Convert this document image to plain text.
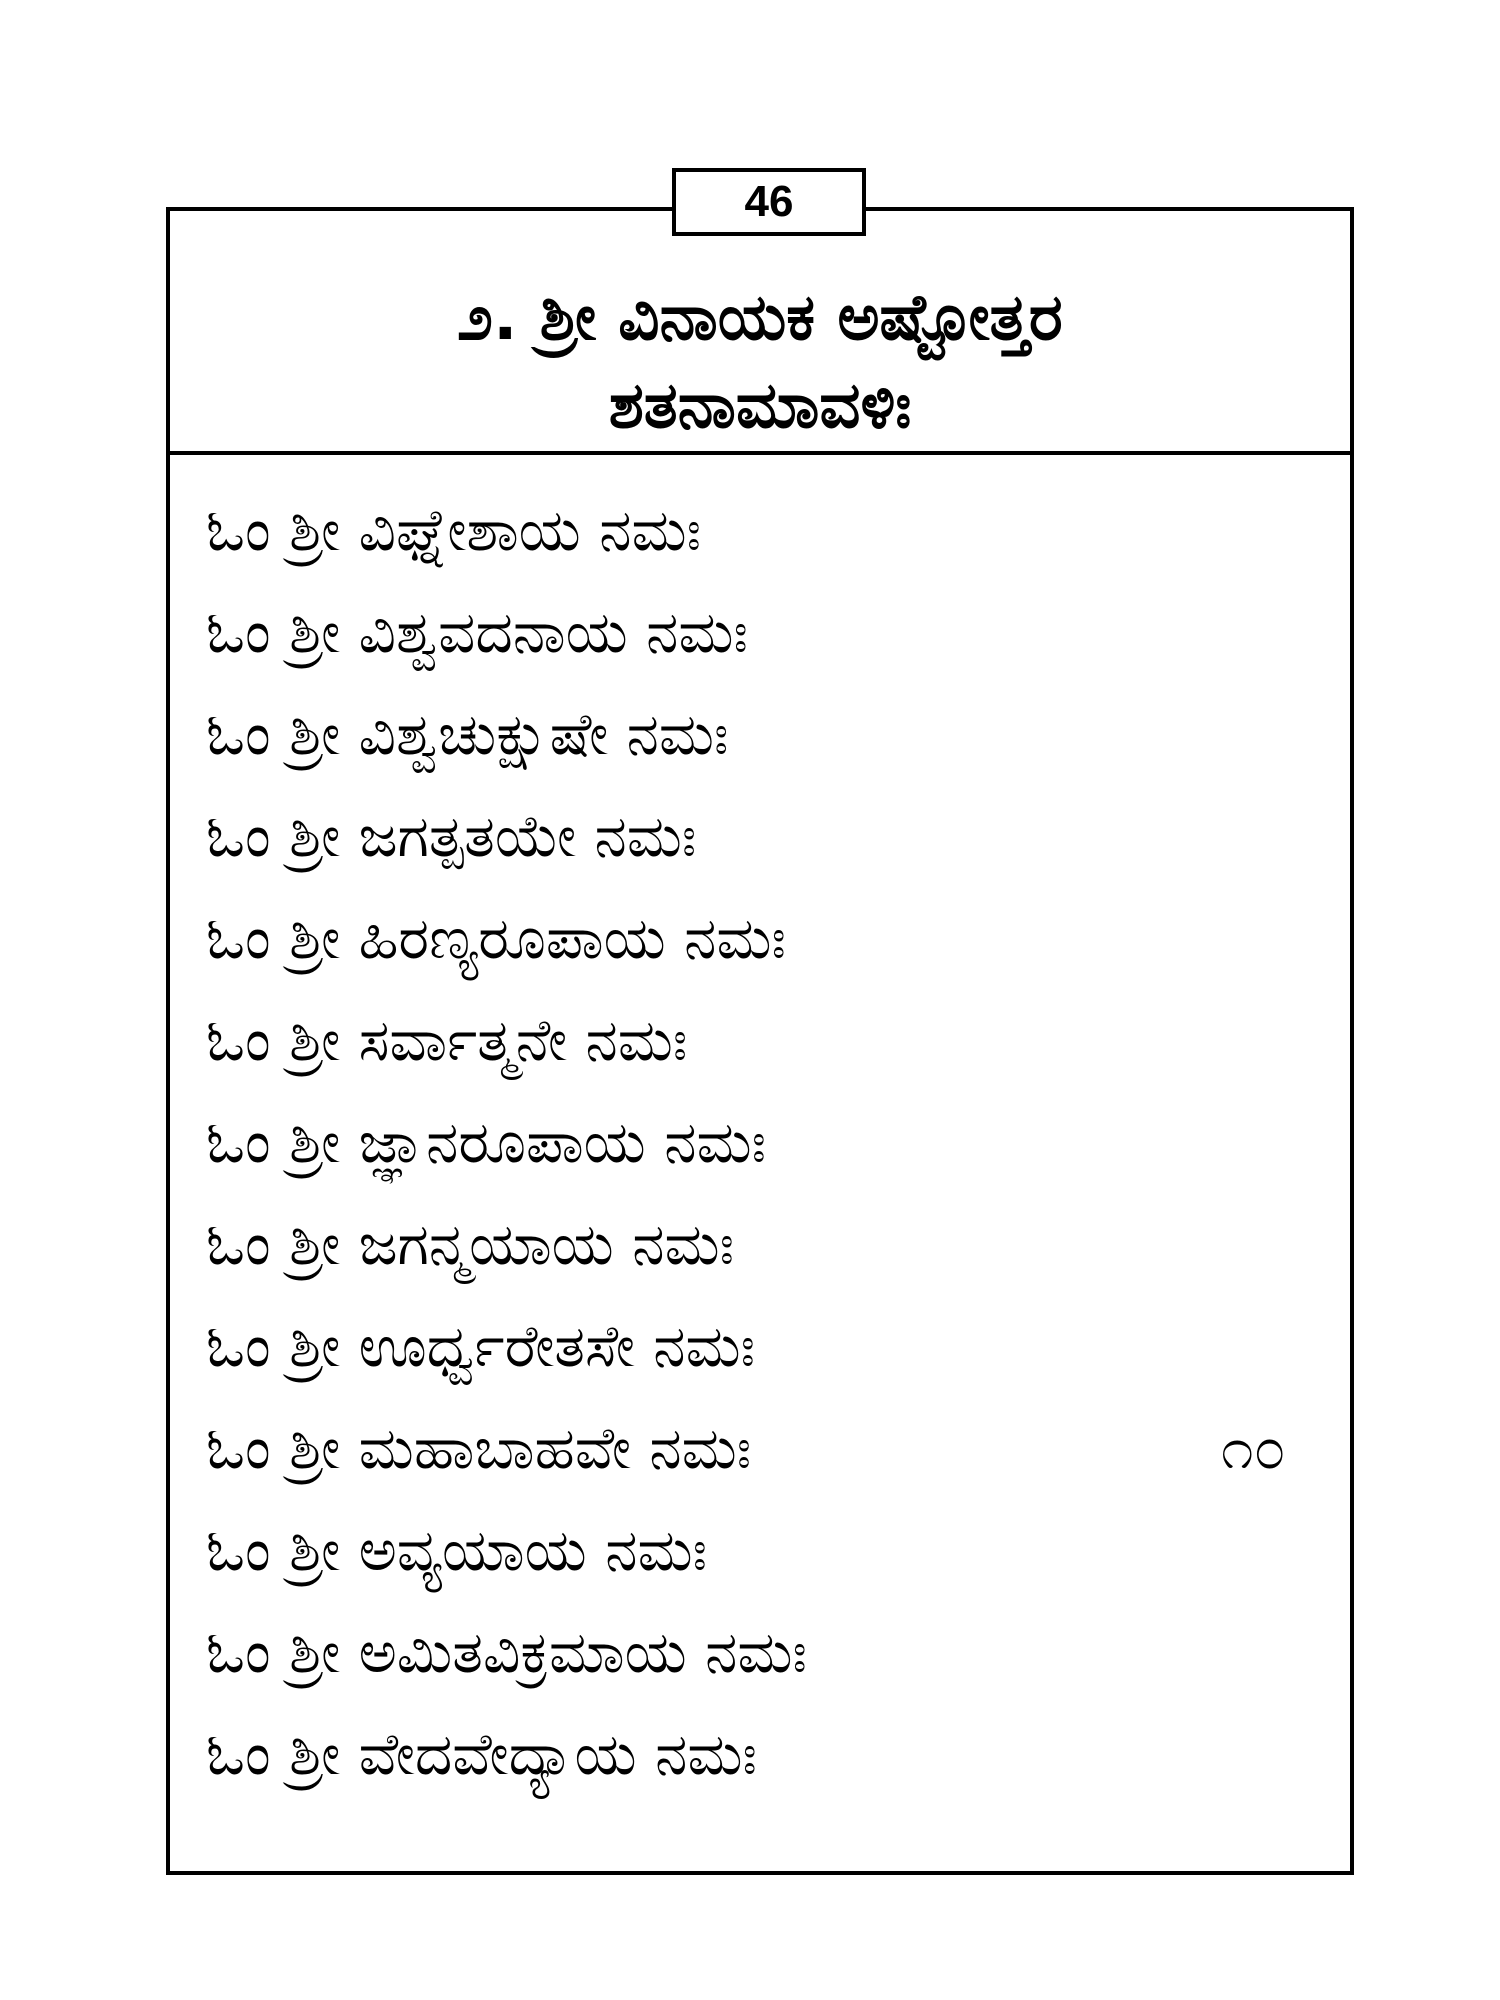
೨. ಶ್ರೀ ವಿನಾಯಕ ಅಷ್ಟೋತ್ತರ
ಶತನಾಮಾವಳಿಃ
ಓಂ ಶ್ರೀ ವಿಘ್ನೇಶಾಯ ನಮಃ
ಓಂ ಶ್ರೀ ವಿಶ್ವವದನಾಯ ನಮಃ
ಓಂ ಶ್ರೀ ವಿಶ್ವಚುಕ್ಷುಷೇ ನಮಃ
ಓಂ ಶ್ರೀ ಜಗತ್ಪತಯೇ ನಮಃ
ಓಂ ಶ್ರೀ ಹಿರಣ್ಯರೂಪಾಯ ನಮಃ
ಓಂ ಶ್ರೀ ಸರ್ವಾತ್ಮನೇ ನಮಃ
ಓಂ ಶ್ರೀ ಜ್ಞಾನರೂಪಾಯ ನಮಃ
ಓಂ ಶ್ರೀ ಜಗನ್ಮಯಾಯ ನಮಃ
ಓಂ ಶ್ರೀ ಊರ್ಧ್ವರೇತಸೇ ನಮಃ
ಓಂ ಶ್ರೀ ಮಹಾಬಾಹವೇ ನಮಃ	೧೦
ಓಂ ಶ್ರೀ ಅವ್ಯಯಾಯ ನಮಃ
ಓಂ ಶ್ರೀ ಅಮಿತವಿಕ್ರಮಾಯ ನಮಃ
ಓಂ ಶ್ರೀ ವೇದವೇದ್ಯಾಯ ನಮಃ
46
